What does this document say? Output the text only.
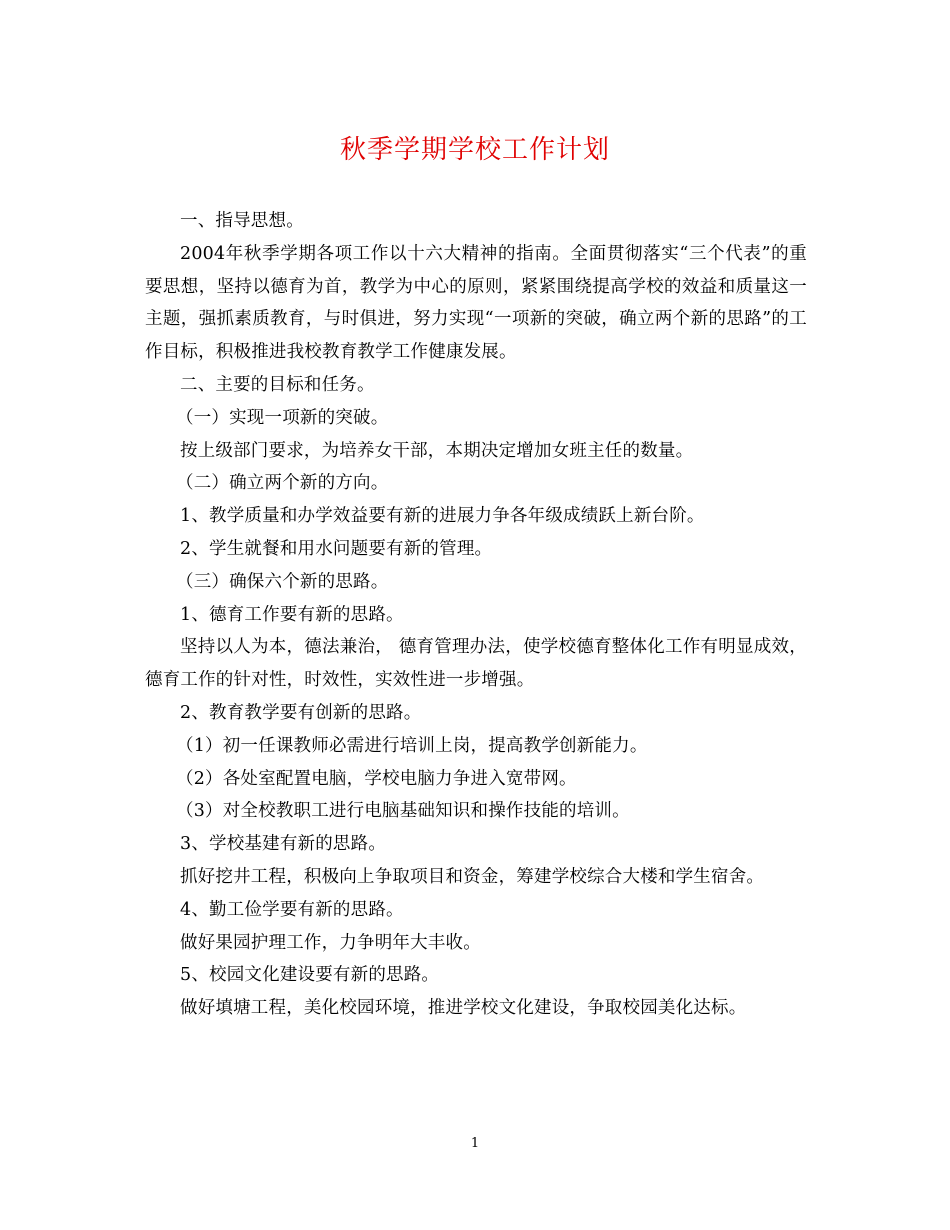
秋季学期学校工作计划

一、指导思想。

2004年秋季学期各项工作以十六大精神的指南。全面贯彻落实“三个代表”的重要思想，坚持以德育为首，教学为中心的原则，紧紧围绕提高学校的效益和质量这一主题，强抓素质教育，与时俱进，努力实现“一项新的突破，确立两个新的思路”的工作目标，积极推进我校教育教学工作健康发展。

二、主要的目标和任务。

（一）实现一项新的突破。

按上级部门要求，为培养女干部，本期决定增加女班主任的数量。

（二）确立两个新的方向。

1、教学质量和办学效益要有新的进展力争各年级成绩跃上新台阶。

2、学生就餐和用水问题要有新的管理。

（三）确保六个新的思路。

1、德育工作要有新的思路。

坚持以人为本，德法兼治， 德育管理办法，使学校德育整体化工作有明显成效，德育工作的针对性，时效性，实效性进一步增强。

2、教育教学要有创新的思路。

（1）初一任课教师必需进行培训上岗，提高教学创新能力。

（2）各处室配置电脑，学校电脑力争进入宽带网。

（3）对全校教职工进行电脑基础知识和操作技能的培训。

3、学校基建有新的思路。

抓好挖井工程，积极向上争取项目和资金，筹建学校综合大楼和学生宿舍。

4、勤工俭学要有新的思路。

做好果园护理工作，力争明年大丰收。

5、校园文化建设要有新的思路。

做好填塘工程，美化校园环境，推进学校文化建设，争取校园美化达标。

1
